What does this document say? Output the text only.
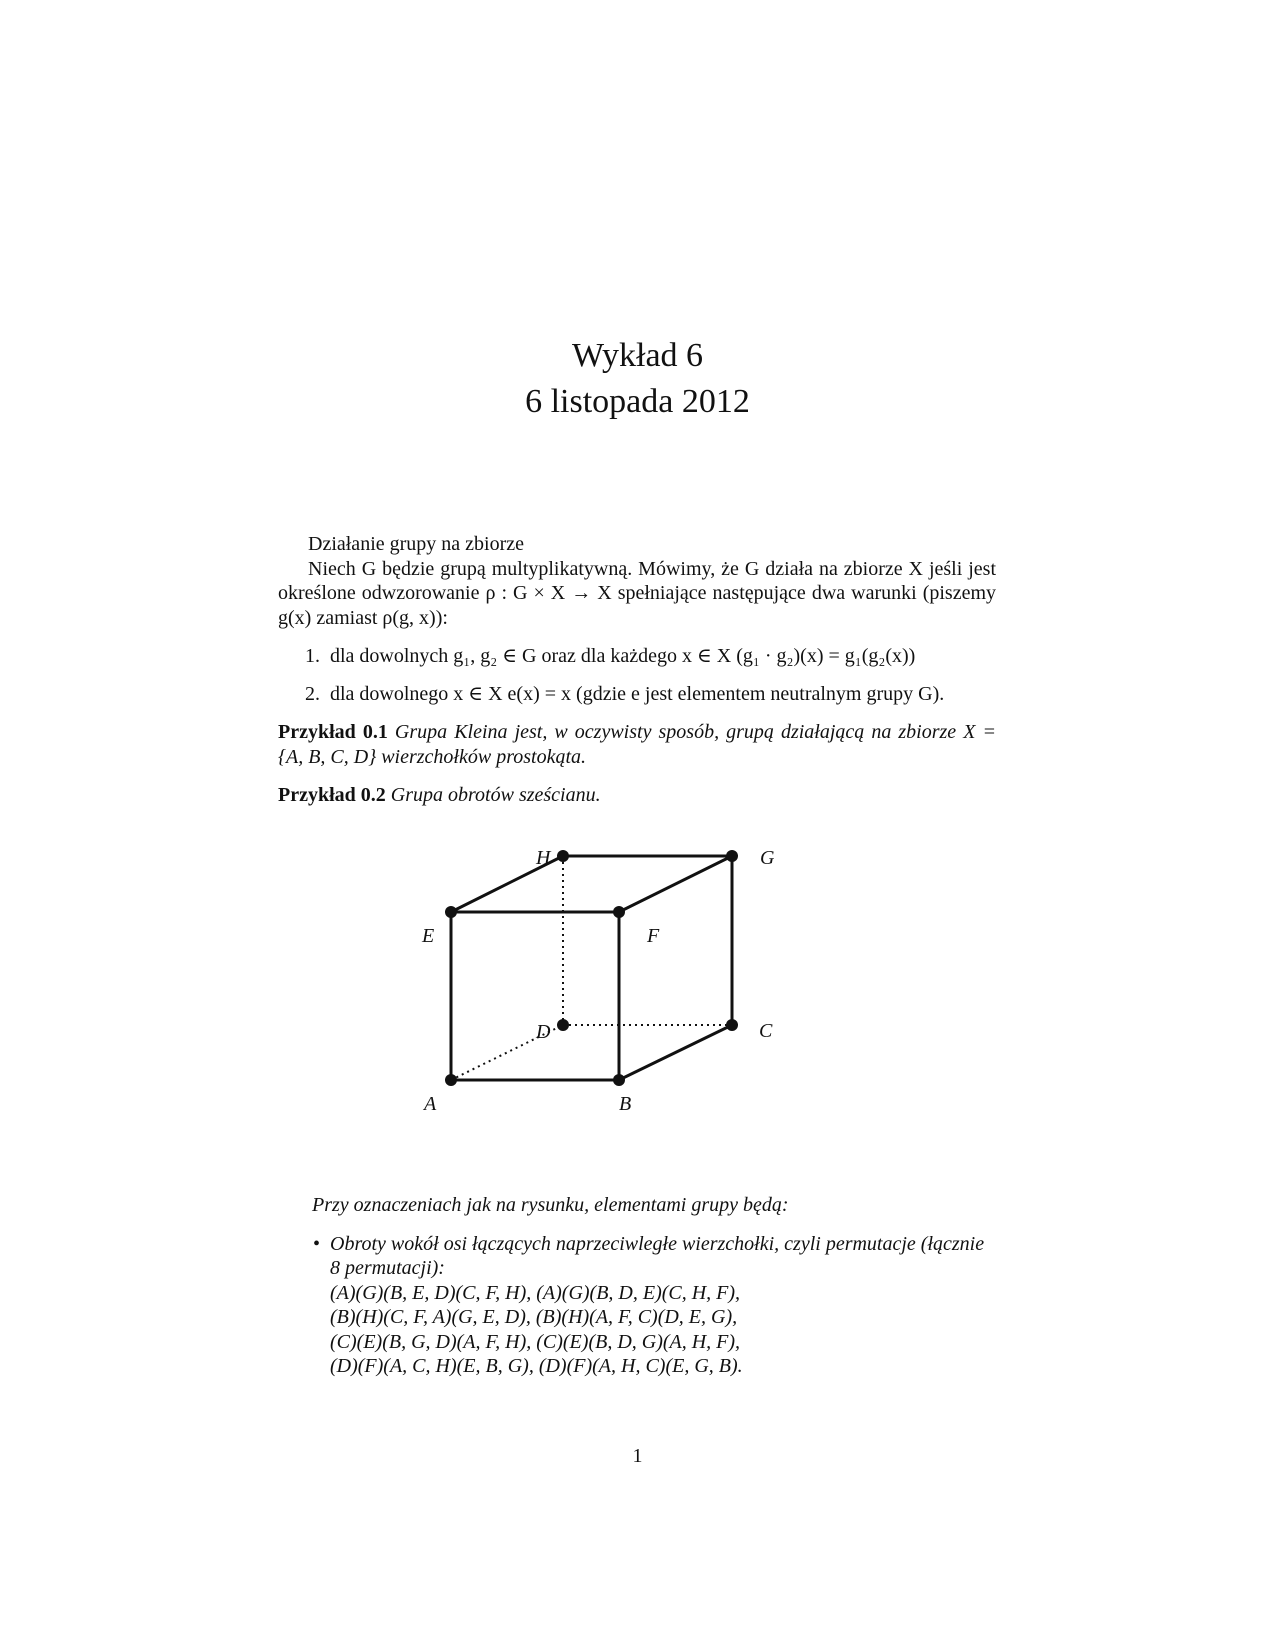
Wykład 6
6 listopada 2012

Działanie grupy na zbiorze

Niech G będzie grupą multyplikatywną. Mówimy, że G działa na zbiorze X jeśli jest określone odwzorowanie ρ : G × X → X spełniające następujące dwa warunki (piszemy g(x) zamiast ρ(g, x)):

1. dla dowolnych g₁, g₂ ∈ G oraz dla każdego x ∈ X (g₁ · g₂)(x) = g₁(g₂(x))
2. dla dowolnego x ∈ X e(x) = x (gdzie e jest elementem neutralnym grupy G).

Przykład 0.1 Grupa Kleina jest, w oczywisty sposób, grupą działającą na zbiorze X = {A, B, C, D} wierzchołków prostokąta.

Przykład 0.2 Grupa obrotów sześcianu.

A	B
C
D
E	F
G
H

Przy oznaczeniach jak na rysunku, elementami grupy będą:

• Obroty wokół osi łączących naprzeciwległe wierzchołki, czyli permutacje (łącznie 8 permutacji):

(A)(G)(B, E, D)(C, F, H), (A)(G)(B, D, E)(C, H, F),

(B)(H)(C, F, A)(G, E, D), (B)(H)(A, F, C)(D, E, G),

(C)(E)(B, G, D)(A, F, H), (C)(E)(B, D, G)(A, H, F),

(D)(F)(A, C, H)(E, B, G), (D)(F)(A, H, C)(E, G, B).

1
